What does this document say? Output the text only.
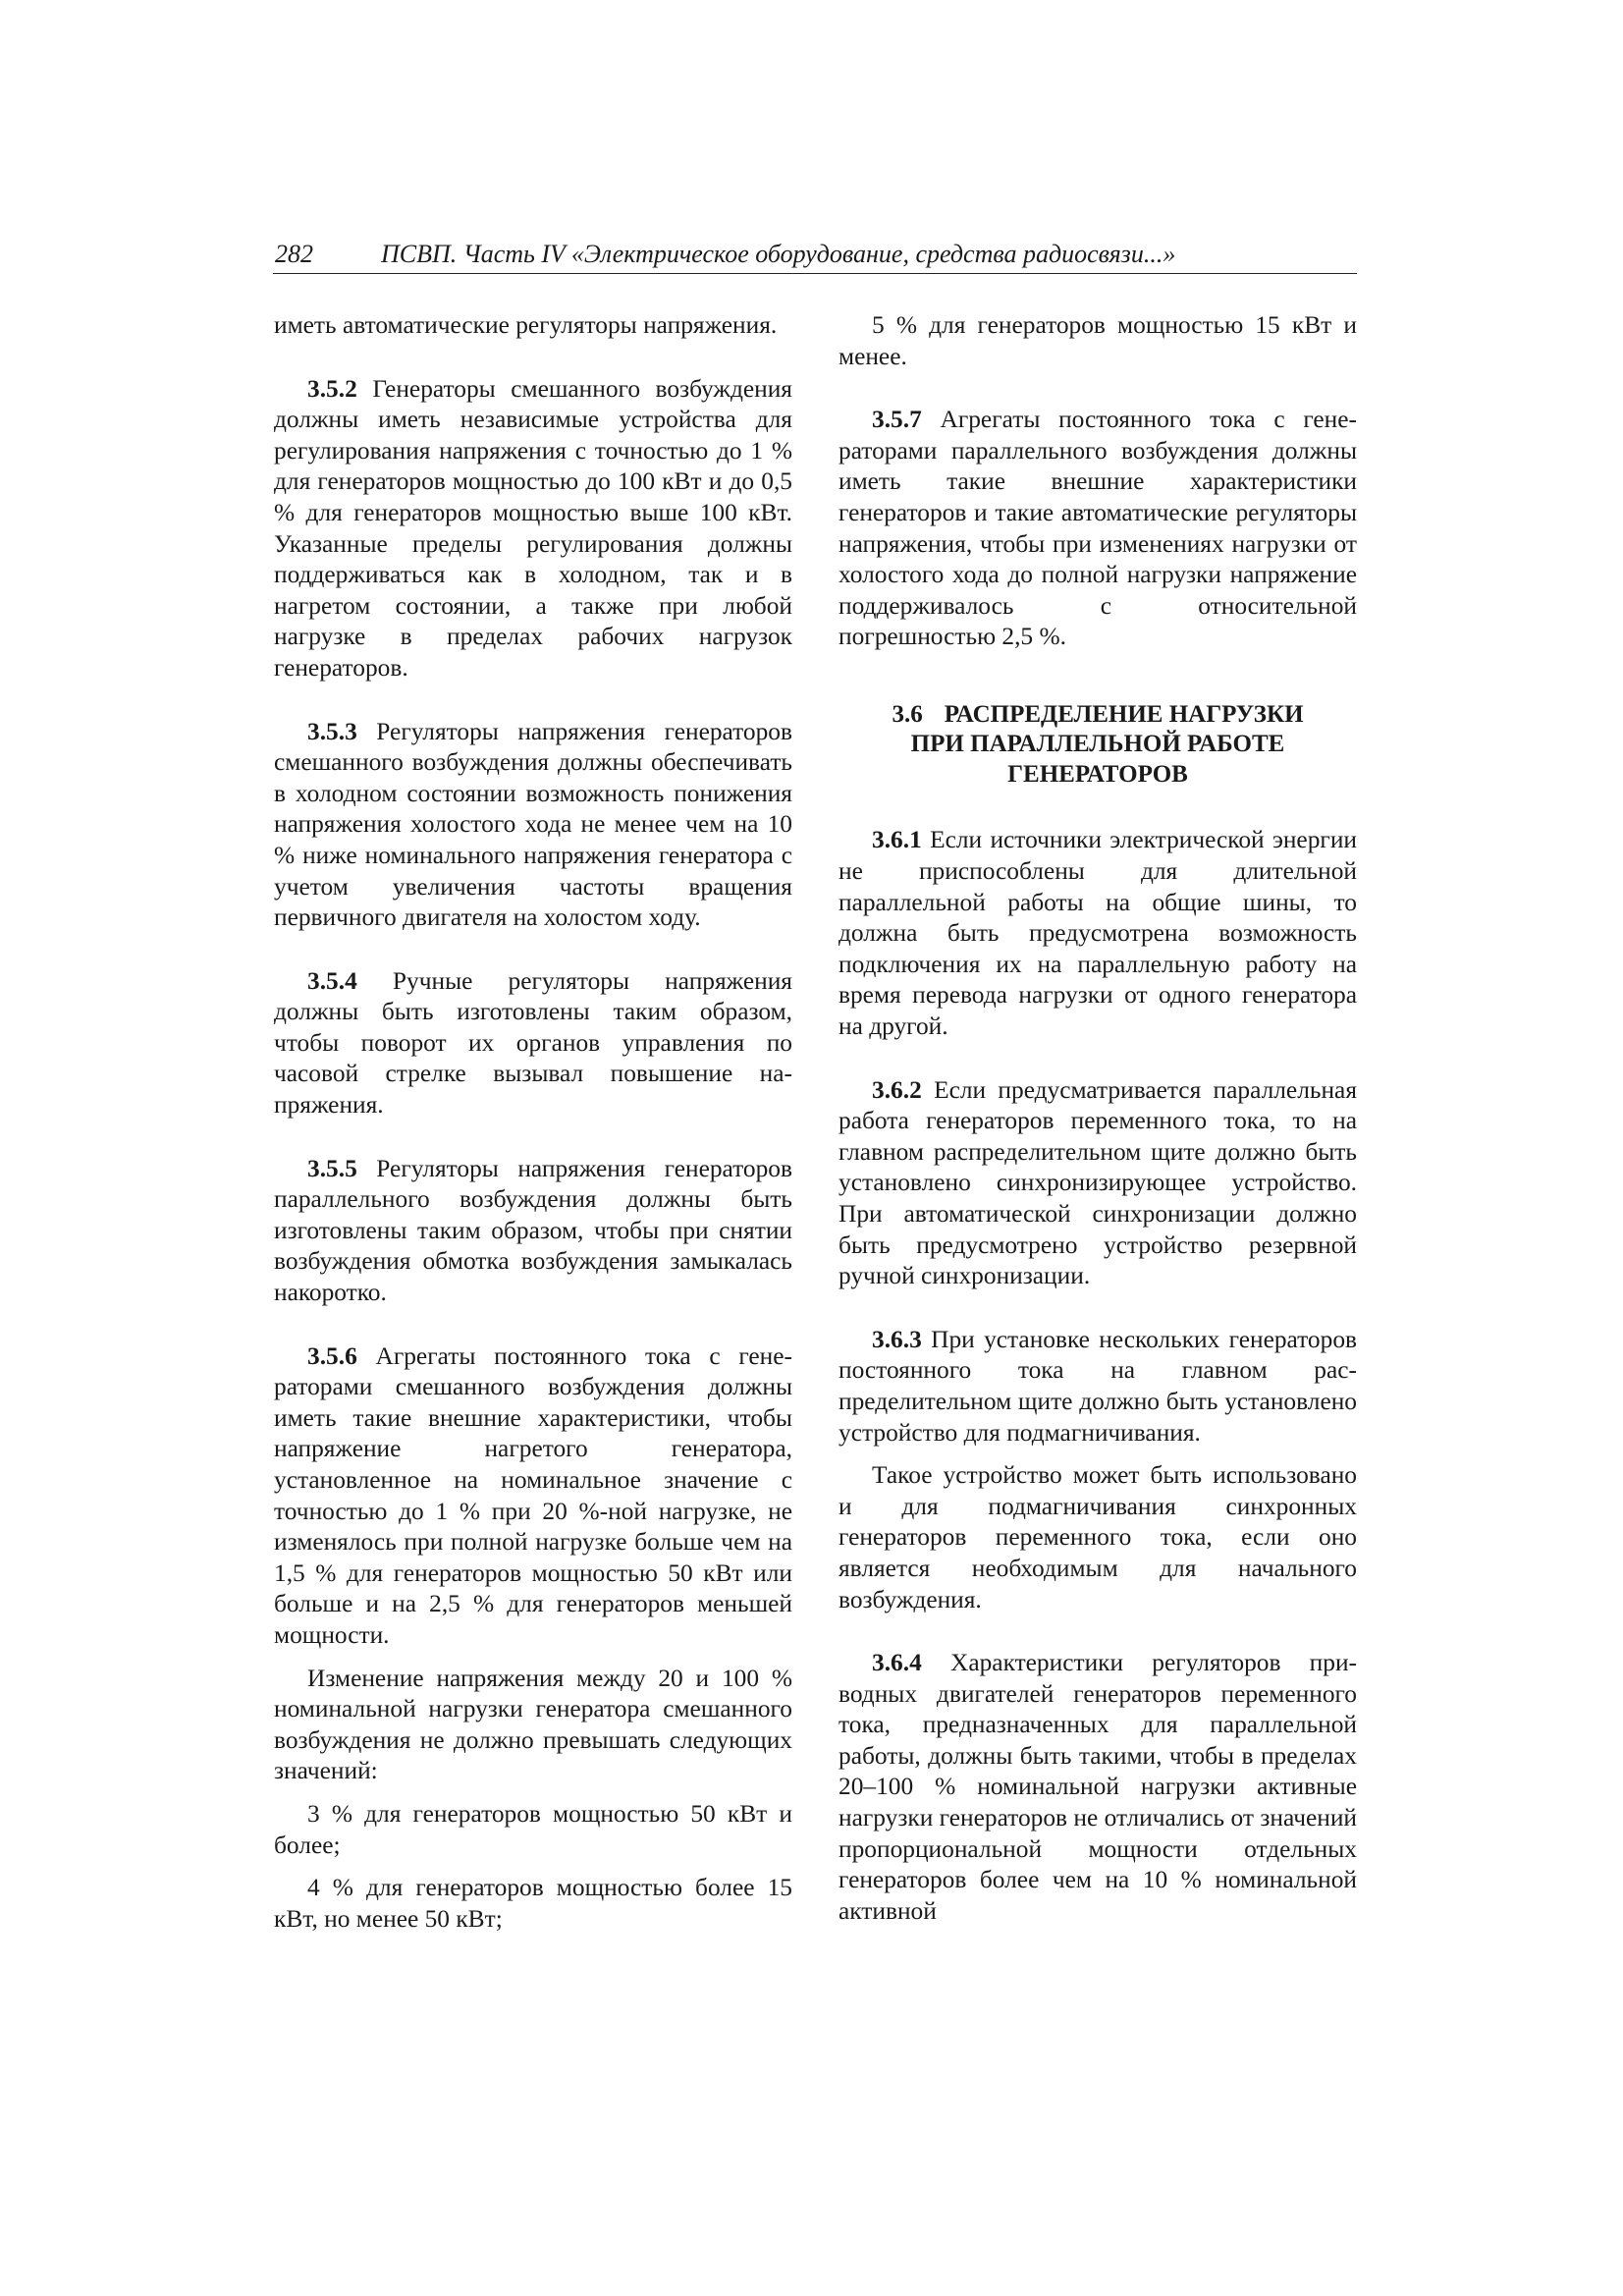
282	ПСВП. Часть IV «Электрическое оборудование, средства радиосвязи...»

иметь автоматические регуляторы напряжения.

3.5.2 Генераторы смешанного возбуждения должны иметь независимые устройства для регулирования напряжения с точностью до 1 % для генераторов мощностью до 100 кВт и до 0,5 % для генераторов мощностью выше 100 кВт. Указанные пределы регулирования должны поддерживаться как в холодном, так и в нагретом состоянии, а также при любой нагрузке в пределах рабочих нагрузок генераторов.

3.5.3 Регуляторы напряжения генераторов смешанного возбуждения должны обеспечивать в холодном состоянии возможность понижения напряжения холостого хода не менее чем на 10 % ниже номинального напряжения генератора с учетом увеличения частоты вращения первичного двигателя на холостом ходу.

3.5.4 Ручные регуляторы напряжения должны быть изготовлены таким образом, чтобы поворот их органов управления по часовой стрелке вызывал повышение напряжения.

3.5.5 Регуляторы напряжения генераторов параллельного возбуждения должны быть изготовлены таким образом, чтобы при снятии возбуждения обмотка возбуждения замыкалась накоротко.

3.5.6 Агрегаты постоянного тока с генераторами смешанного возбуждения должны иметь такие внешние характеристики, чтобы напряжение нагретого генератора, установленное на номинальное значение с точностью до 1 % при 20 %-ной нагрузке, не изменялось при полной нагрузке больше чем на 1,5 % для генераторов мощностью 50 кВт или больше и на 2,5 % для генераторов меньшей мощности.

Изменение напряжения между 20 и 100 % номинальной нагрузки генератора смешанного возбуждения не должно превышать следующих значений:

3 % для генераторов мощностью 50 кВт и более;

4 % для генераторов мощностью более 15 кВт, но менее 50 кВт;

5 % для генераторов мощностью 15 кВт и менее.

3.5.7 Агрегаты постоянного тока с генераторами параллельного возбуждения должны иметь такие внешние характеристики генераторов и такие автоматические регуляторы напряжения, чтобы при изменениях нагрузки от холостого хода до полной нагрузки напряжение поддерживалось с относительной погрешностью 2,5 %.

3.6 РАСПРЕДЕЛЕНИЕ НАГРУЗКИ
ПРИ ПАРАЛЛЕЛЬНОЙ РАБОТЕ
ГЕНЕРАТОРОВ

3.6.1 Если источники электрической энергии не приспособлены для длительной параллельной работы на общие шины, то должна быть предусмотрена возможность подключения их на параллельную работу на время перевода нагрузки от одного генератора на другой.

3.6.2 Если предусматривается параллельная работа генераторов переменного тока, то на главном распределительном щите должно быть установлено синхронизирующее устройство. При автоматической синхронизации должно быть предусмотрено устройство резервной ручной синхронизации.

3.6.3 При установке нескольких генераторов постоянного тока на главном распределительном щите должно быть установлено устройство для подмагничивания.

Такое устройство может быть использовано и для подмагничивания синхронных генераторов переменного тока, если оно является необходимым для начального возбуждения.

3.6.4 Характеристики регуляторов приводных двигателей генераторов переменного тока, предназначенных для параллельной работы, должны быть такими, чтобы в пределах 20–100 % номинальной нагрузки активные нагрузки генераторов не отличались от значений пропорциональной мощности отдельных генераторов более чем на 10 % номинальной активной
